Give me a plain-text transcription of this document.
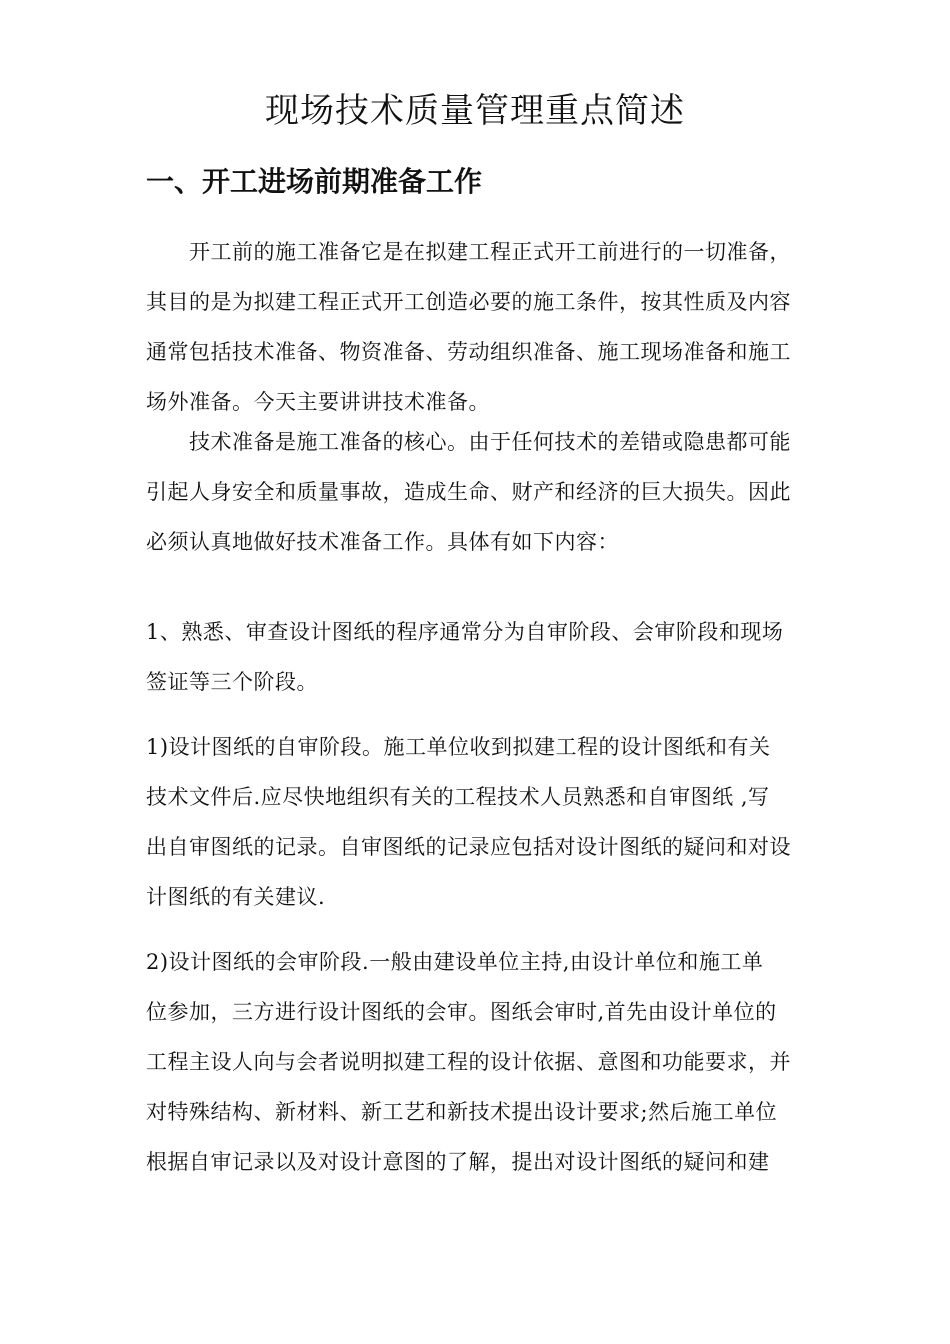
现场技术质量管理重点简述
一、开工进场前期准备工作

　　开工前的施工准备它是在拟建工程正式开工前进行的一切准备，
其目的是为拟建工程正式开工创造必要的施工条件，按其性质及内容
通常包括技术准备、物资准备、劳动组织准备、施工现场准备和施工
场外准备。今天主要讲讲技术准备。

　　技术准备是施工准备的核心。由于任何技术的差错或隐患都可能
引起人身安全和质量事故，造成生命、财产和经济的巨大损失。因此
必须认真地做好技术准备工作。具体有如下内容：

1、熟悉、审查设计图纸的程序通常分为自审阶段、会审阶段和现场
签证等三个阶段。

1)设计图纸的自审阶段。施工单位收到拟建工程的设计图纸和有关
技术文件后.应尽快地组织有关的工程技术人员熟悉和自审图纸 ,写
出自审图纸的记录。自审图纸的记录应包括对设计图纸的疑问和对设
计图纸的有关建议.

2)设计图纸的会审阶段.一般由建设单位主持,由设计单位和施工单
位参加，三方进行设计图纸的会审。图纸会审时,首先由设计单位的
工程主设人向与会者说明拟建工程的设计依据、意图和功能要求，并
对特殊结构、新材料、新工艺和新技术提出设计要求;然后施工单位
根据自审记录以及对设计意图的了解，提出对设计图纸的疑问和建
